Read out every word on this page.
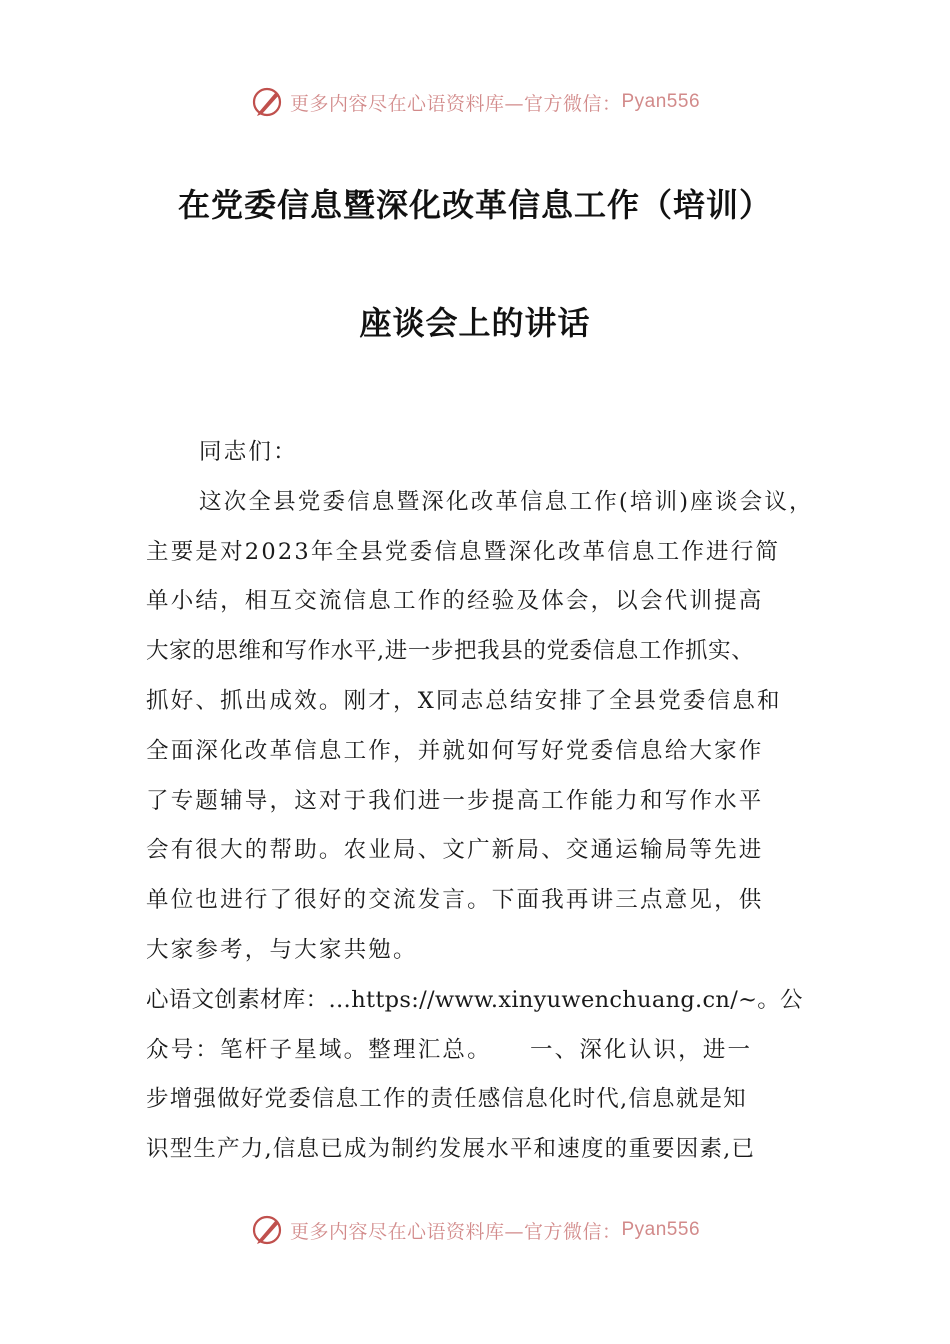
更多内容尽在心语资料库—官方微信： Pyan556
在党委信息暨深化改革信息工作（培训）
座谈会上的讲话
同志们：
这次全县党委信息暨深化改革信息工作(培训)座谈会议，
主要是对2023年全县党委信息暨深化改革信息工作进行简
单小结，相互交流信息工作的经验及体会，以会代训提高
大家的思维和写作水平,进一步把我县的党委信息工作抓实、
抓好、抓出成效。刚才，X同志总结安排了全县党委信息和
全面深化改革信息工作，并就如何写好党委信息给大家作
了专题辅导，这对于我们进一步提高工作能力和写作水平
会有很大的帮助。农业局、文广新局、交通运输局等先进
单位也进行了很好的交流发言。下面我再讲三点意见，供
大家参考，与大家共勉。
心语文创素材库：…https://www.xinyuwenchuang.cn/~。公
众号：笔杆子星域。整理汇总。　　一、深化认识，进一
步增强做好党委信息工作的责任感信息化时代,信息就是知
识型生产力,信息已成为制约发展水平和速度的重要因素,已
更多内容尽在心语资料库—官方微信： Pyan556
